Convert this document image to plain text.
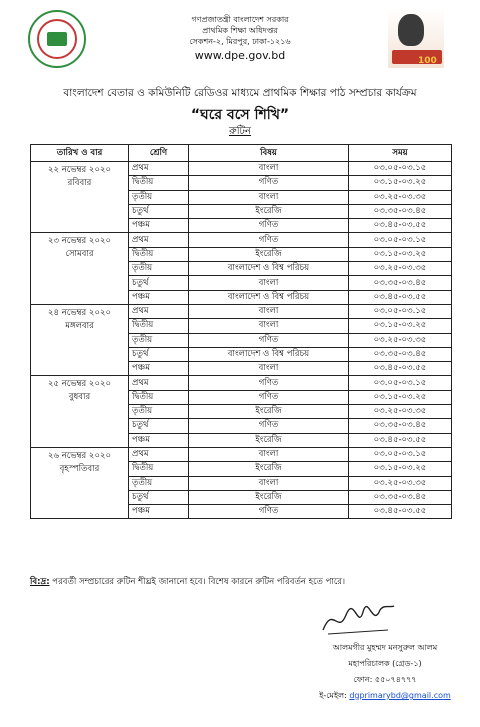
গণপ্রজাতন্ত্রী বাংলাদেশ সরকার
প্রাথমিক শিক্ষা অধিদপ্তর
সেকশন-২, মিরপুর, ঢাকা-১২১৬
www.dpe.gov.bd	100
বাংলাদেশ বেতার ও কমিউনিটি রেডিওর মাধ্যমে প্রাথমিক শিক্ষার পাঠ সম্প্রচার কার্যক্রম
“ঘরে বসে শিখি”
রুটিন
তারিখ ও বার	শ্রেণি	বিষয়	সময়

২২ নভেম্বর ২০২০
রবিবার	প্রথম	বাংলা	০৩.০৫-০৩.১৫
	দ্বিতীয়	গণিত	০৩.১৫-০৩.২৫
	তৃতীয়	বাংলা	০৩.২৫-০৩.৩৫
	চতুর্থ	ইংরেজি	০৩.৩৫-০৩.৪৫
	পঞ্চম	গণিত	০৩.৪৫-০৩.৫৫

২৩ নভেম্বর ২০২০
সোমবার	প্রথম	গণিত	০৩.০৫-০৩.১৫
	দ্বিতীয়	ইংরেজি	০৩.১৫-০৩.২৫
	তৃতীয়	বাংলাদেশ ও বিশ্ব পরিচয়	০৩.২৫-০৩.৩৫
	চতুর্থ	বাংলা	০৩.৩৫-০৩.৪৫
	পঞ্চম	বাংলাদেশ ও বিশ্ব পরিচয়	০৩.৪৫-০৩.৫৫

২৪ নভেম্বর ২০২০
মঙ্গলবার	প্রথম	বাংলা	০৩.০৫-০৩.১৫
	দ্বিতীয়	বাংলা	০৩.১৫-০৩.২৫
	তৃতীয়	গণিত	০৩.২৫-০৩.৩৫
	চতুর্থ	বাংলাদেশ ও বিশ্ব পরিচয়	০৩.৩৫-০৩.৪৫
	পঞ্চম	বাংলা	০৩.৪৫-০৩.৫৫

২৫ নভেম্বর ২০২০
বুধবার	প্রথম	গণিত	০৩.০৫-০৩.১৫
	দ্বিতীয়	গণিত	০৩.১৫-০৩.২৫
	তৃতীয়	ইংরেজি	০৩.২৫-০৩.৩৫
	চতুর্থ	গণিত	০৩.৩৫-০৩.৪৫
	পঞ্চম	ইংরেজি	০৩.৪৫-০৩.৫৫

২৬ নভেম্বর ২০২০
বৃহস্পতিবার	প্রথম	বাংলা	০৩.০৫-০৩.১৫
	দ্বিতীয়	ইংরেজি	০৩.১৫-০৩.২৫
	তৃতীয়	বাংলা	০৩.২৫-০৩.৩৫
	চতুর্থ	ইংরেজি	০৩.৩৫-০৩.৪৫
	পঞ্চম	গণিত	০৩.৪৫-০৩.৫৫
বি:দ্র: পরবর্তী সম্প্রচারের রুটিন শীঘ্রই জানানো হবে। বিশেষ কারনে রুটিন পরিবর্তন হতে পারে।
আলমগীর মুহম্মদ মনসুরুল আলম
মহাপরিচালক (গ্রেড-১)
ফোন: ৫৫০৭৪৭৭৭
ই-মেইল: dgprimarybd@gmail.com
